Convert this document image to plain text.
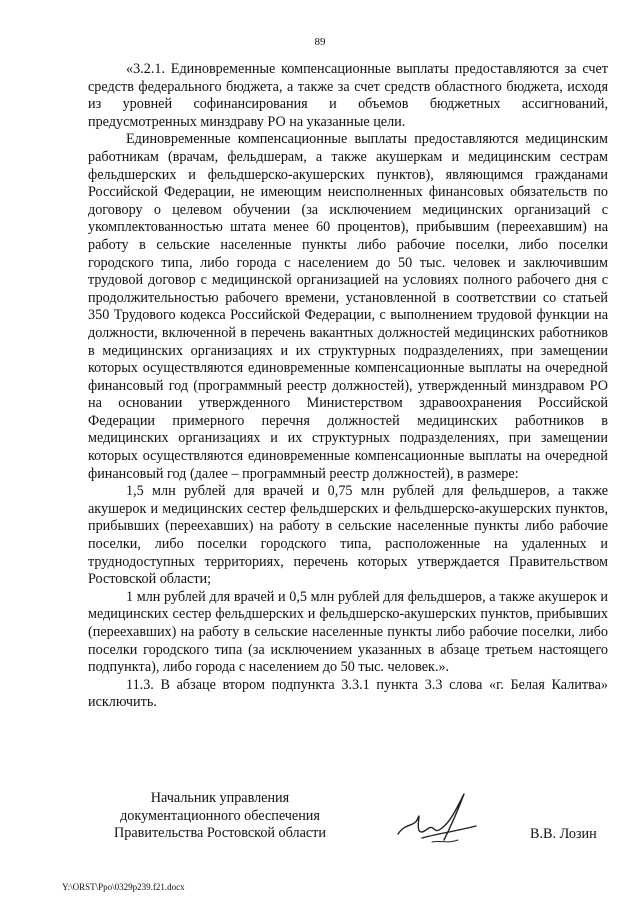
89

«3.2.1. Единовременные компенсационные выплаты предоставляются за счет средств федерального бюджета, а также за счет средств областного бюджета, исходя из уровней софинансирования и объемов бюджетных ассигнований, предусмотренных минздраву РО на указанные цели.

Единовременные компенсационные выплаты предоставляются медицинским работникам (врачам, фельдшерам, а также акушеркам и медицинским сестрам фельдшерских и фельдшерско-акушерских пунктов), являющимся гражданами Российской Федерации, не имеющим неисполненных финансовых обязательств по договору о целевом обучении (за исключением медицинских организаций с укомплектованностью штата менее 60 процентов), прибывшим (переехавшим) на работу в сельские населенные пункты либо рабочие поселки, либо поселки городского типа, либо города с населением до 50 тыс. человек и заключившим трудовой договор с медицинской организацией на условиях полного рабочего дня с продолжительностью рабочего времени, установленной в соответствии со статьей 350 Трудового кодекса Российской Федерации, с выполнением трудовой функции на должности, включенной в перечень вакантных должностей медицинских работников в медицинских организациях и их структурных подразделениях, при замещении которых осуществляются единовременные компенсационные выплаты на очередной финансовый год (программный реестр должностей), утвержденный минздравом РО на основании утвержденного Министерством здравоохранения Российской Федерации примерного перечня должностей медицинских работников в медицинских организациях и их структурных подразделениях, при замещении которых осуществляются единовременные компенсационные выплаты на очередной финансовый год (далее – программный реестр должностей), в размере:

1,5 млн рублей для врачей и 0,75 млн рублей для фельдшеров, а также акушерок и медицинских сестер фельдшерских и фельдшерско-акушерских пунктов, прибывших (переехавших) на работу в сельские населенные пункты либо рабочие поселки, либо поселки городского типа, расположенные на удаленных и труднодоступных территориях, перечень которых утверждается Правительством Ростовской области;

1 млн рублей для врачей и 0,5 млн рублей для фельдшеров, а также акушерок и медицинских сестер фельдшерских и фельдшерско-акушерских пунктов, прибывших (переехавших) на работу в сельские населенные пункты либо рабочие поселки, либо поселки городского типа (за исключением указанных в абзаце третьем настоящего подпункта), либо города с населением до 50 тыс. человек.».

11.3. В абзаце втором подпункта 3.3.1 пункта 3.3 слова «г. Белая Калитва» исключить.

Начальник управления
документационного обеспечения
Правительства Ростовской области	В.В. Лозин
Y:\ORST\Ppo\0329p239.f21.docx
